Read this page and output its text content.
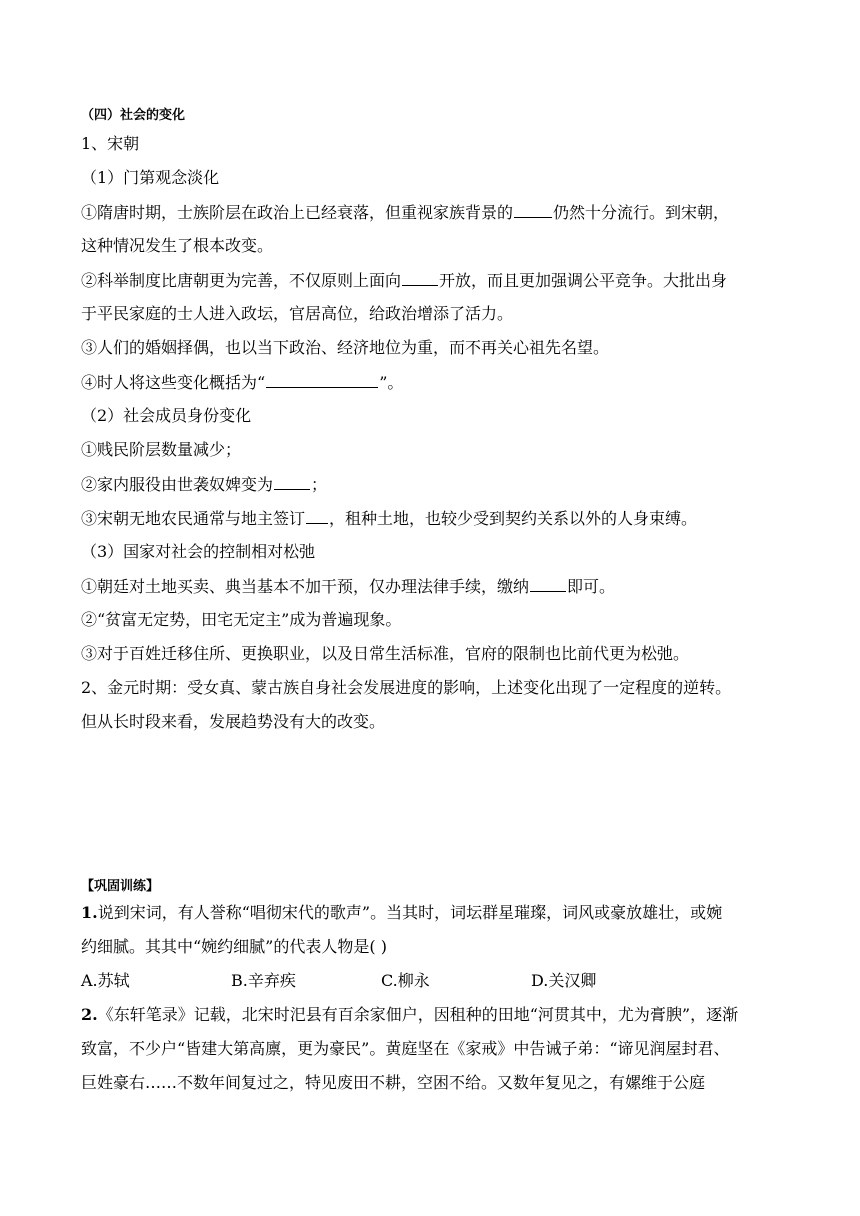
（四）社会的变化
1、宋朝
（1）门第观念淡化
①隋唐时期，士族阶层在政治上已经衰落，但重视家族背景的	仍然十分流行。到宋朝，
这种情况发生了根本改变。
②科举制度比唐朝更为完善，不仅原则上面向 开放，而且更加强调公平竞争。大批出身
于平民家庭的士人进入政坛，官居高位，给政治增添了活力。
③人们的婚姻择偶，也以当下政治、经济地位为重，而不再关心祖先名望。
④时人将这些变化概括为“	”。
（2）社会成员身份变化
①贱民阶层数量减少；
②家内服役由世袭奴婢变为 ；
③宋朝无地农民通常与地主签订 ，租种土地，也较少受到契约关系以外的人身束缚。
（3）国家对社会的控制相对松弛
①朝廷对土地买卖、典当基本不加干预，仅办理法律手续，缴纳 即可。
②“贫富无定势，田宅无定主”成为普遍现象。
③对于百姓迁移住所、更换职业，以及日常生活标准，官府的限制也比前代更为松弛。
2、金元时期：受女真、蒙古族自身社会发展进度的影响，上述变化出现了一定程度的逆转。
但从长时段来看，发展趋势没有大的改变。
【巩固训练】
1.说到宋词，有人誉称“唱彻宋代的歌声”。当其时，词坛群星璀璨，词风或豪放雄壮，或婉
约细腻。其其中“婉约细腻”的代表人物是( )
A.苏轼	B.辛弃疾	C.柳永	D.关汉卿
2.《东轩笔录》记载，北宋时汜县有百余家佃户，因租种的田地“河贯其中，尤为膏腴”，逐渐
致富，不少户“皆建大第高廪，更为豪民”。黄庭坚在《家戒》中告诫子弟：“谛见润屋封君、
巨姓豪右……不数年间复过之，特见废田不耕，空困不给。又数年复见之，有嫘维于公庭
